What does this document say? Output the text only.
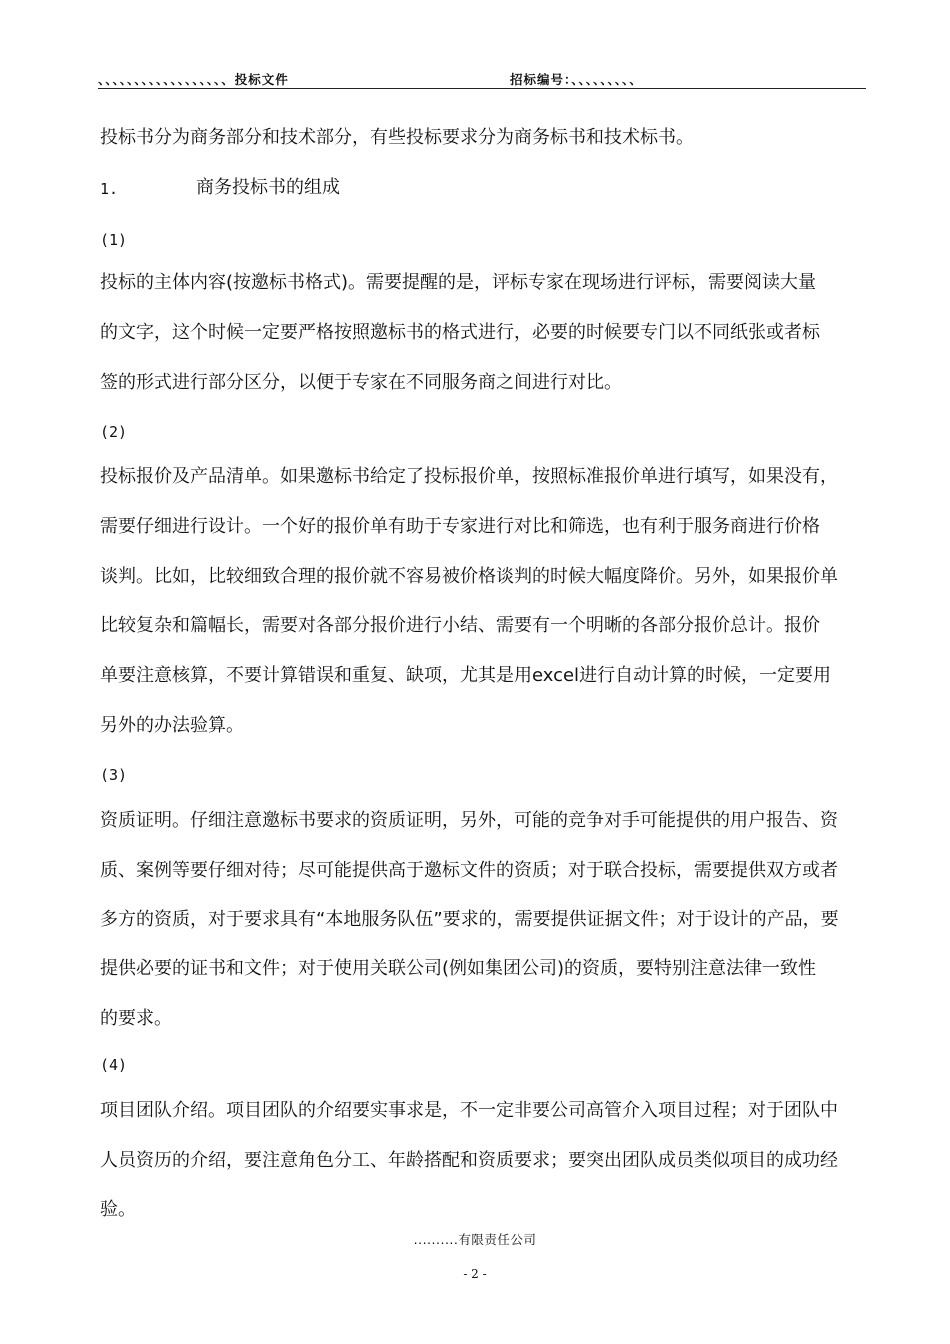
、、、、、、、、、、、、、、、、、、投标文件	招标编号：、、、、、、、、、
投标书分为商务部分和技术部分，有些投标要求分为商务标书和技术标书。
1.	商务投标书的组成
(1)
投标的主体内容(按邀标书格式)。需要提醒的是，评标专家在现场进行评标，需要阅读大量
的文字，这个时候一定要严格按照邀标书的格式进行，必要的时候要专门以不同纸张或者标
签的形式进行部分区分，以便于专家在不同服务商之间进行对比。
(2)
投标报价及产品清单。如果邀标书给定了投标报价单，按照标准报价单进行填写，如果没有，
需要仔细进行设计。一个好的报价单有助于专家进行对比和筛选，也有利于服务商进行价格
谈判。比如，比较细致合理的报价就不容易被价格谈判的时候大幅度降价。另外，如果报价单
比较复杂和篇幅长，需要对各部分报价进行小结、需要有一个明晰的各部分报价总计。报价
单要注意核算，不要计算错误和重复、缺项，尤其是用excel进行自动计算的时候，一定要用
另外的办法验算。
(3)
资质证明。仔细注意邀标书要求的资质证明，另外，可能的竞争对手可能提供的用户报告、资
质、案例等要仔细对待；尽可能提供高于邀标文件的资质；对于联合投标，需要提供双方或者
多方的资质，对于要求具有“本地服务队伍”要求的，需要提供证据文件；对于设计的产品，要
提供必要的证书和文件；对于使用关联公司(例如集团公司)的资质，要特别注意法律一致性
的要求。
(4)
项目团队介绍。项目团队的介绍要实事求是，不一定非要公司高管介入项目过程；对于团队中
人员资历的介绍，要注意角色分工、年龄搭配和资质要求；要突出团队成员类似项目的成功经
验。
..........有限责任公司
- 2 -
